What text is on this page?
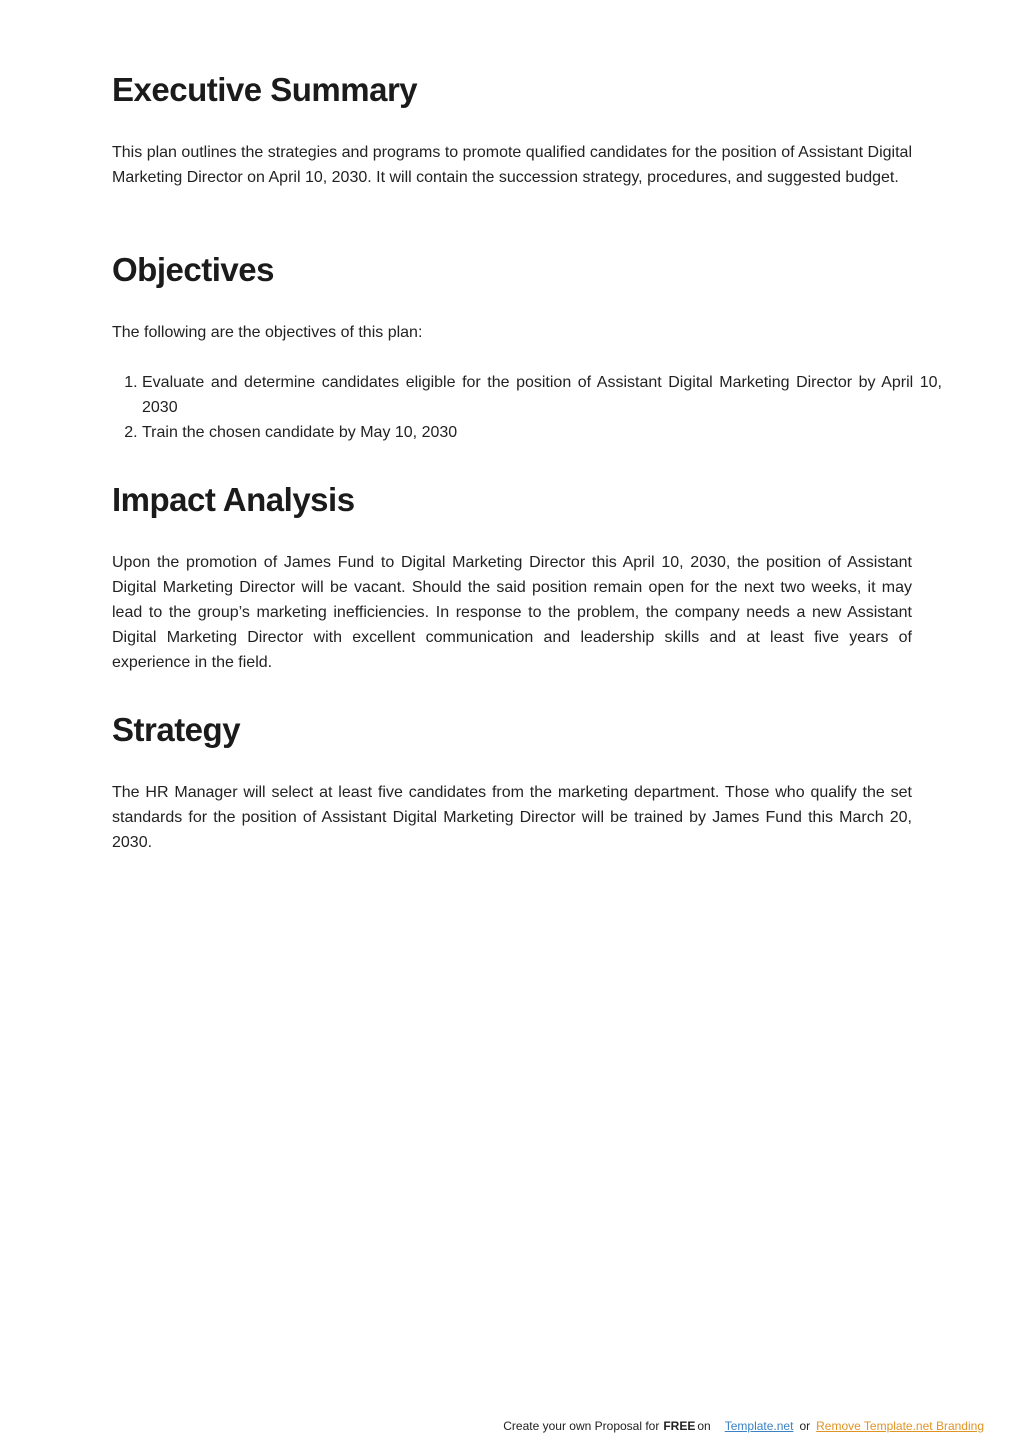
Executive Summary

This plan outlines the strategies and programs to promote qualified candidates for the position of Assistant Digital Marketing Director on April 10, 2030. It will contain the succession strategy, procedures, and suggested budget.

Objectives

The following are the objectives of this plan:

1. Evaluate and determine candidates eligible for the position of Assistant Digital Marketing Director by April 10, 2030
2. Train the chosen candidate by May 10, 2030
Impact Analysis

Upon the promotion of James Fund to Digital Marketing Director this April 10, 2030, the position of Assistant Digital Marketing Director will be vacant. Should the said position remain open for the next two weeks, it may lead to the group’s marketing inefficiencies. In response to the problem, the company needs a new Assistant Digital Marketing Director with excellent communication and leadership skills and at least five years of experience in the field.

Strategy

The HR Manager will select at least five candidates from the marketing department. Those who qualify the set standards for the position of Assistant Digital Marketing Director will be trained by James Fund this March 20, 2030.

Create your own Proposal for FREE on Template.net or Remove Template.net Branding
